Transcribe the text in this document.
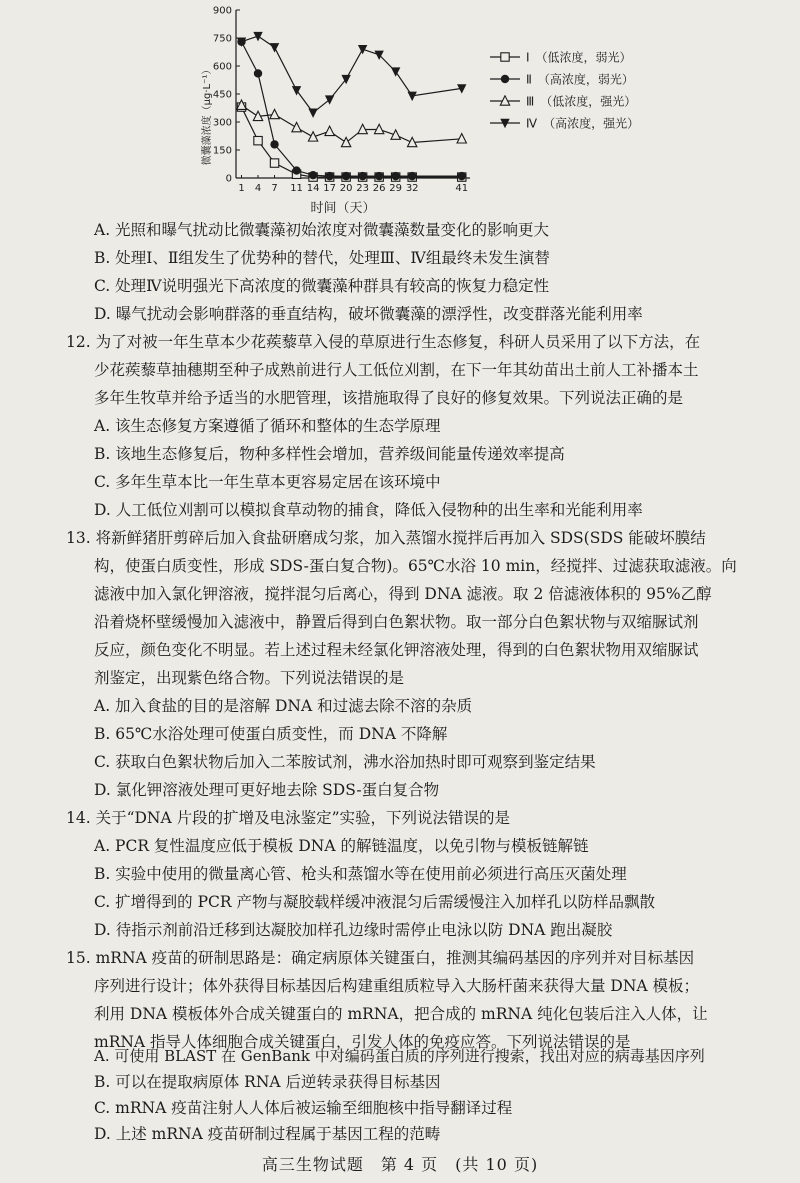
0
150
300
450
600
750
900
1 4 7 11 14 17 20 23 26 29 32	41
Ⅰ　（低浓度，弱光）
Ⅱ　（高浓度，弱光）
Ⅲ　（低浓度，强光）
Ⅳ　（高浓度，强光）
微囊藻浓度（μg·L⁻¹）
时间（天）
A. 光照和曝气扰动比微囊藻初始浓度对微囊藻数量变化的影响更大
B. 处理Ⅰ、Ⅱ组发生了优势种的替代，处理Ⅲ、Ⅳ组最终未发生演替
C. 处理Ⅳ说明强光下高浓度的微囊藻种群具有较高的恢复力稳定性
D. 曝气扰动会影响群落的垂直结构，破坏微囊藻的漂浮性，改变群落光能利用率
12. 为了对被一年生草本少花蒺藜草入侵的草原进行生态修复，科研人员采用了以下方法，在
少花蒺藜草抽穗期至种子成熟前进行人工低位刈割，在下一年其幼苗出土前人工补播本土
多年生牧草并给予适当的水肥管理，该措施取得了良好的修复效果。下列说法正确的是
A. 该生态修复方案遵循了循环和整体的生态学原理
B. 该地生态修复后，物种多样性会增加，营养级间能量传递效率提高
C. 多年生草本比一年生草本更容易定居在该环境中
D. 人工低位刈割可以模拟食草动物的捕食，降低入侵物种的出生率和光能利用率
13. 将新鲜猪肝剪碎后加入食盐研磨成匀浆，加入蒸馏水搅拌后再加入 SDS(SDS 能破坏膜结
构，使蛋白质变性，形成 SDS-蛋白复合物)。65℃水浴 10 min，经搅拌、过滤获取滤液。向
滤液中加入氯化钾溶液，搅拌混匀后离心，得到 DNA 滤液。取 2 倍滤液体积的 95%乙醇
沿着烧杯壁缓慢加入滤液中，静置后得到白色絮状物。取一部分白色絮状物与双缩脲试剂
反应，颜色变化不明显。若上述过程未经氯化钾溶液处理，得到的白色絮状物用双缩脲试
剂鉴定，出现紫色络合物。下列说法错误的是
A. 加入食盐的目的是溶解 DNA 和过滤去除不溶的杂质
B. 65℃水浴处理可使蛋白质变性，而 DNA 不降解
C. 获取白色絮状物后加入二苯胺试剂，沸水浴加热时即可观察到鉴定结果
D. 氯化钾溶液处理可更好地去除 SDS-蛋白复合物
14. 关于“DNA 片段的扩增及电泳鉴定”实验，下列说法错误的是
A. PCR 复性温度应低于模板 DNA 的解链温度，以免引物与模板链解链
B. 实验中使用的微量离心管、枪头和蒸馏水等在使用前必须进行高压灭菌处理
C. 扩增得到的 PCR 产物与凝胶载样缓冲液混匀后需缓慢注入加样孔以防样品飘散
D. 待指示剂前沿迁移到达凝胶加样孔边缘时需停止电泳以防 DNA 跑出凝胶
15. mRNA 疫苗的研制思路是：确定病原体关键蛋白，推测其编码基因的序列并对目标基因
序列进行设计；体外获得目标基因后构建重组质粒导入大肠杆菌来获得大量 DNA 模板；
利用 DNA 模板体外合成关键蛋白的 mRNA，把合成的 mRNA 纯化包装后注入人体，让
mRNA 指导人体细胞合成关键蛋白，引发人体的免疫应答。下列说法错误的是
A. 可使用 BLAST 在 GenBank 中对编码蛋白质的序列进行搜索，找出对应的病毒基因序列
B. 可以在提取病原体 RNA 后逆转录获得目标基因
C. mRNA 疫苗注射人人体后被运输至细胞核中指导翻译过程
高三生物试题　第 4 页　(共 10 页)
D. 上述 mRNA 疫苗研制过程属于基因工程的范畴
